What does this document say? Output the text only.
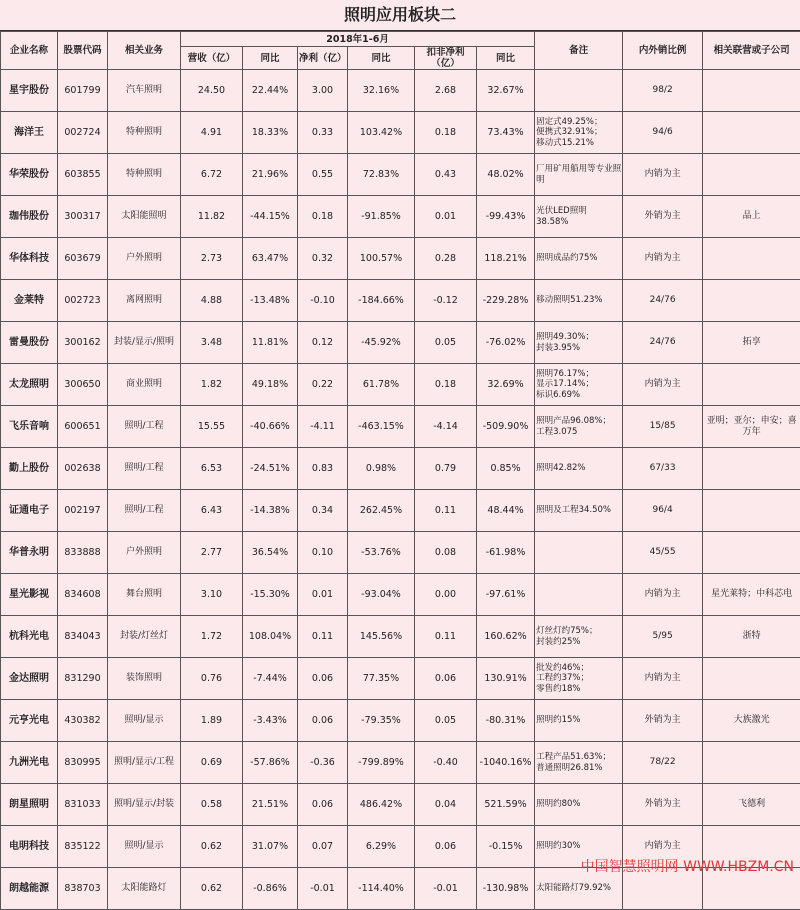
照明应用板块二
企业名称	股票代码	相关业务	2018年1-6月						备注	内外销比例	相关联营或子公司
			营收（亿）	同比	净利（亿）	同比	扣非净利（亿）	同比			
星宇股份	601799	汽车照明	24.50	22.44%	3.00	32.16%	2.68	32.67%		98/2	
海洋王	002724	特种照明	4.91	18.33%	0.33	103.42%	0.18	73.43%	固定式49.25%；
便携式32.91%；
移动式15.21%	94/6	
华荣股份	603855	特种照明	6.72	21.96%	0.55	72.83%	0.43	48.02%	厂用矿用船用等专业照明	内销为主	
珈伟股份	300317	太阳能照明	11.82	-44.15%	0.18	-91.85%	0.01	-99.43%	光伏LED照明
38.58%	外销为主	品上
华体科技	603679	户外照明	2.73	63.47%	0.32	100.57%	0.28	118.21%	照明成品约75%	内销为主	
金莱特	002723	离网照明	4.88	-13.48%	-0.10	-184.66%	-0.12	-229.28%	移动照明51.23%	24/76	
雷曼股份	300162	封装/显示/照明	3.48	11.81%	0.12	-45.92%	0.05	-76.02%	照明49.30%；
封装3.95%	24/76	拓享
太龙照明	300650	商业照明	1.82	49.18%	0.22	61.78%	0.18	32.69%	照明76.17%；
显示17.14%；
标识6.69%	内销为主	
飞乐音响	600651	照明/工程	15.55	-40.66%	-4.11	-463.15%	-4.14	-509.90%	照明产品96.08%；
工程3.075	15/85	亚明；亚尔；申安；喜万年
勤上股份	002638	照明/工程	6.53	-24.51%	0.83	0.98%	0.79	0.85%	照明42.82%	67/33	
证通电子	002197	照明/工程	6.43	-14.38%	0.34	262.45%	0.11	48.44%	照明及工程34.50%	96/4	
华普永明	833888	户外照明	2.77	36.54%	0.10	-53.76%	0.08	-61.98%		45/55	
星光影视	834608	舞台照明	3.10	-15.30%	0.01	-93.04%	0.00	-97.61%		内销为主	星光莱特；中科芯电
杭科光电	834043	封装/灯丝灯	1.72	108.04%	0.11	145.56%	0.11	160.62%	灯丝灯约75%；
封装约25%	5/95	浙特
金达照明	831290	装饰照明	0.76	-7.44%	0.06	77.35%	0.06	130.91%	批发约46%；
工程约37%；
零售约18%	内销为主	
元亨光电	430382	照明/显示	1.89	-3.43%	0.06	-79.35%	0.05	-80.31%	照明约15%	外销为主	大族激光
九洲光电	830995	照明/显示/工程	0.69	-57.86%	-0.36	-799.89%	-0.40	-1040.16%	工程产品51.63%；
普通照明26.81%	78/22	
朗星照明	831033	照明/显示/封装	0.58	21.51%	0.06	486.42%	0.04	521.59%	照明约80%	外销为主	飞德利
电明科技	835122	照明/显示	0.62	31.07%	0.07	6.29%	0.06	-0.15%	照明约30%	内销为主	
朗越能源	838703	太阳能路灯	0.62	-0.86%	-0.01	-114.40%	-0.01	-130.98%	太阳能路灯79.92%		
中国智慧照明网 WWW.HBZM.CN
